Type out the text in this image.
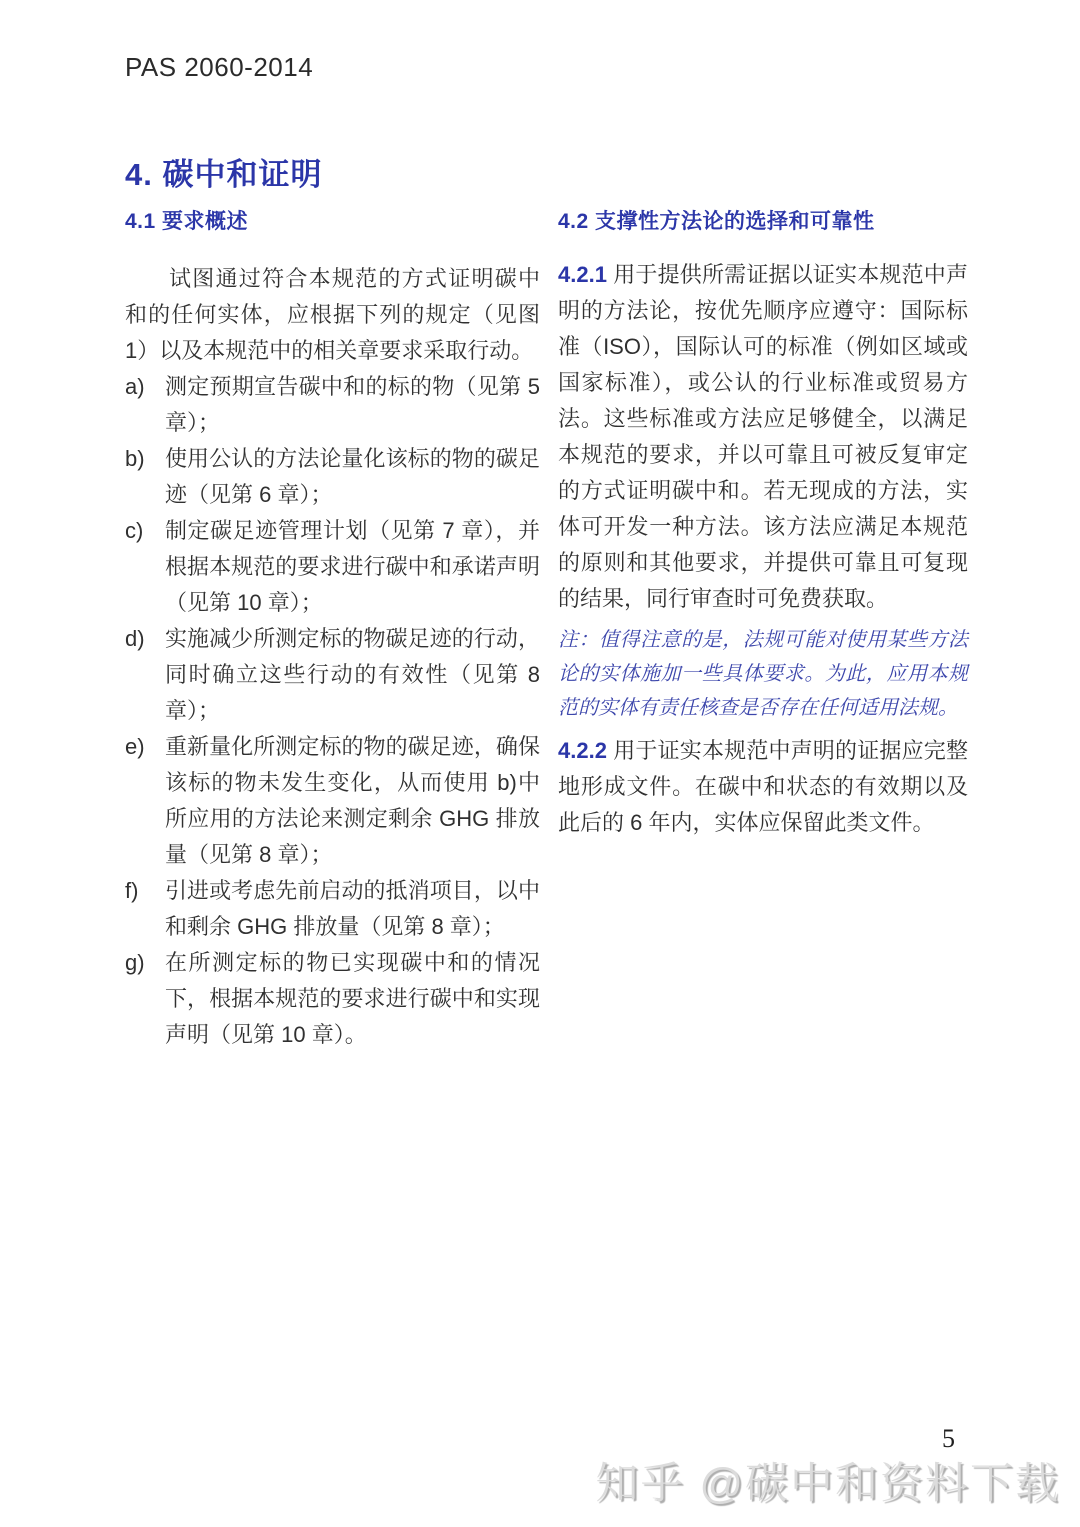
PAS 2060-2014
4. 碳中和证明
4.1 要求概述

试图通过符合本规范的方式证明碳中和的任何实体，应根据下列的规定（见图 1）以及本规范中的相关章要求采取行动。

a) 测定预期宣告碳中和的标的物（见第 5 章）；
b) 使用公认的方法论量化该标的物的碳足迹（见第 6 章）；
c) 制定碳足迹管理计划（见第 7 章），并根据本规范的要求进行碳中和承诺声明（见第 10 章）；
d) 实施减少所测定标的物碳足迹的行动，同时确立这些行动的有效性（见第 8 章）；
e) 重新量化所测定标的物的碳足迹，确保该标的物未发生变化，从而使用 b)中所应用的方法论来测定剩余 GHG 排放量（见第 8 章）；
f)	引进或考虑先前启动的抵消项目，以中和剩余 GHG 排放量（见第 8 章）；
g) 在所测定标的物已实现碳中和的情况下，根据本规范的要求进行碳中和实现声明（见第 10 章）。
4.2 支撑性方法论的选择和可靠性

4.2.1 用于提供所需证据以证实本规范中声明的方法论，按优先顺序应遵守：国际标准（ISO），国际认可的标准（例如区域或国家标准），或公认的行业标准或贸易方法。这些标准或方法应足够健全，以满足本规范的要求，并以可靠且可被反复审定的方式证明碳中和。若无现成的方法，实体可开发一种方法。该方法应满足本规范的原则和其他要求，并提供可靠且可复现的结果，同行审查时可免费获取。

注：值得注意的是，法规可能对使用某些方法论的实体施加一些具体要求。为此，应用本规范的实体有责任核查是否存在任何适用法规。

4.2.2 用于证实本规范中声明的证据应完整地形成文件。在碳中和状态的有效期以及此后的 6 年内，实体应保留此类文件。

5
知乎 @碳中和资料下载
